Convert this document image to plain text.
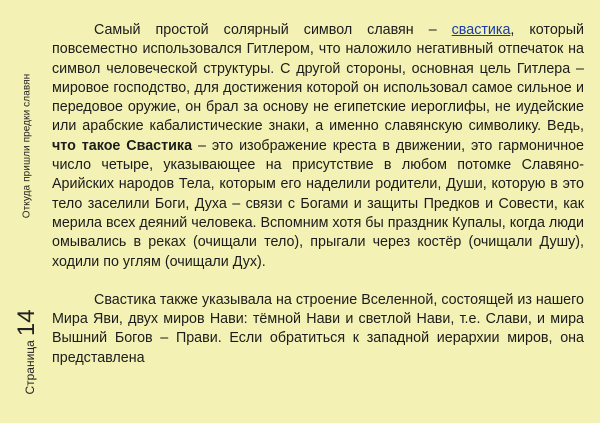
Откуда пришли предки славян
Страница14

Самый простой солярный символ славян – свастика, который повсеместно использовался Гитлером, что наложило негативный отпечаток на символ человеческой структуры. С другой стороны, основная цель Гитлера – мировое господство, для достижения которой он использовал самое сильное и передовое оружие, он брал за основу не египетские иероглифы, не иудейские или арабские кабалистические знаки, а именно славянскую символику. Ведь, что такое Свастика – это изображение креста в движении, это гармоничное число четыре, указывающее на присутствие в любом потомке Славяно-Арийских народов Тела, которым его наделили родители, Души, которую в это тело заселили Боги, Духа – связи с Богами и защиты Предков и Совести, как мерила всех деяний человека. Вспомним хотя бы праздник Купалы, когда люди омывались в реках (очищали тело), прыгали через костёр (очищали Душу), ходили по углям (очищали Дух).

Свастика также указывала на строение Вселенной, состоящей из нашего Мира Яви, двух миров Нави: тёмной Нави и светлой Нави, т.е. Слави, и мира Вышний Богов – Прави. Если обратиться к западной иерархии миров, она представлена
